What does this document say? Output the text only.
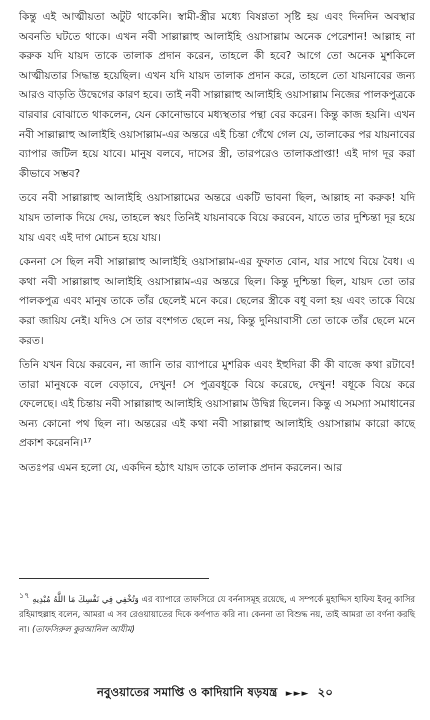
কিন্তু এই আত্মীয়তা অটুট থাকেনি। স্বামী-স্ত্রীর মধ্যে বিষণ্ণতা সৃষ্টি হয় এবং দিনদিন অবস্থার অবনতি ঘটতে থাকে। এখন নবী সাল্লাল্লাহু আলাইহি ওয়াসাল্লাম অনেক পেরেশান! আল্লাহ না করুক যদি যায়দ তাকে তালাক প্রদান করেন, তাহলে কী হবে? আগে তো অনেক মুশকিলে আত্মীয়তার সিদ্ধান্ত হয়েছিল। এখন যদি যায়দ তালাক প্রদান করে, তাহলে তো যায়নাবের জন্য আরও বাড়তি উদ্বেগের কারণ হবে। তাই নবী সাল্লাল্লাহু আলাইহি ওয়াসাল্লাম নিজের পালকপুত্রকে বারবার বোঝাতে থাকলেন, যেন কোনোভাবে মধ্যস্থতার পন্থা বের করেন। কিন্তু কাজ হয়নি। এখন নবী সাল্লাল্লাহু আলাইহি ওয়াসাল্লাম-এর অন্তরে এই চিন্তা গেঁথে গেল যে, তালাকের পর যায়নাবের ব্যাপার জটিল হয়ে যাবে। মানুষ বলবে, দাসের স্ত্রী, তারপরেও তালাকপ্রাপ্তা! এই দাগ দূর করা কীভাবে সম্ভব?

তবে নবী সাল্লাল্লাহু আলাইহি ওয়াসাল্লামের অন্তরে একটি ভাবনা ছিল, আল্লাহ না করুক! যদি যায়দ তালাক দিয়ে দেয়, তাহলে স্বয়ং তিনিই যায়নাবকে বিয়ে করবেন, যাতে তার দুশ্চিন্তা দূর হয়ে যায় এবং এই দাগ মোচন হয়ে যায়।

কেননা সে ছিল নবী সাল্লাল্লাহু আলাইহি ওয়াসাল্লাম-এর ফুফাত বোন, যার সাথে বিয়ে বৈধ। এ কথা নবী সাল্লাল্লাহু আলাইহি ওয়াসাল্লাম-এর অন্তরে ছিল। কিন্তু দুশ্চিন্তা ছিল, যায়দ তো তার পালকপুত্র এবং মানুষ তাকে তাঁর ছেলেই মনে করে। ছেলের স্ত্রীকে বধূ বলা হয় এবং তাকে বিয়ে করা জায়িয নেই। যদিও সে তার বংশগত ছেলে নয়, কিন্তু দুনিয়াবাসী তো তাকে তাঁর ছেলে মনে করত।

তিনি যখন বিয়ে করবেন, না জানি তার ব্যাপারে মুশরিক এবং ইহুদিরা কী কী বাজে কথা রটাবে! তারা মানুষকে বলে বেড়াবে, দেখুন! সে পুত্রবধূকে বিয়ে করেছে, দেখুন! বধূকে বিয়ে করে ফেলেছে। এই চিন্তায় নবী সাল্লাল্লাহু আলাইহি ওয়াসাল্লাম উদ্বিগ্ন ছিলেন। কিন্তু এ সমস্যা সমাধানের অন্য কোনো পথ ছিল না। অন্তরের এই কথা নবী সাল্লাল্লাহু আলাইহি ওয়াসাল্লাম কারো কাছে প্রকাশ করেননি।¹⁷

অতঃপর এমন হলো যে, একদিন হঠাৎ যায়দ তাকে তালাক প্রদান করলেন। আর

১৭ وَتُخْفِي فِي نَفْسِكَ مَا اللَّهُ مُبْدِيهِ এর ব্যাপারে তাফসিরে যে বর্ননাসমূহ রয়েছে, এ সম্পর্কে মুহাদ্দিস হাফিয ইবনু কাসির রহিমাহুল্লাহ বলেন, আমরা এ সব রেওয়ায়াতের দিকে কর্ণপাত করি না। কেননা তা বিশুদ্ধ নয়, তাই আমরা তা বর্ণনা করছি না। (তাফসিরুল কুরআনিল আযীম)

নবুওয়াতের সমাপ্তি ও কাদিয়ানি ষড়যন্ত্র ►►► ২০
